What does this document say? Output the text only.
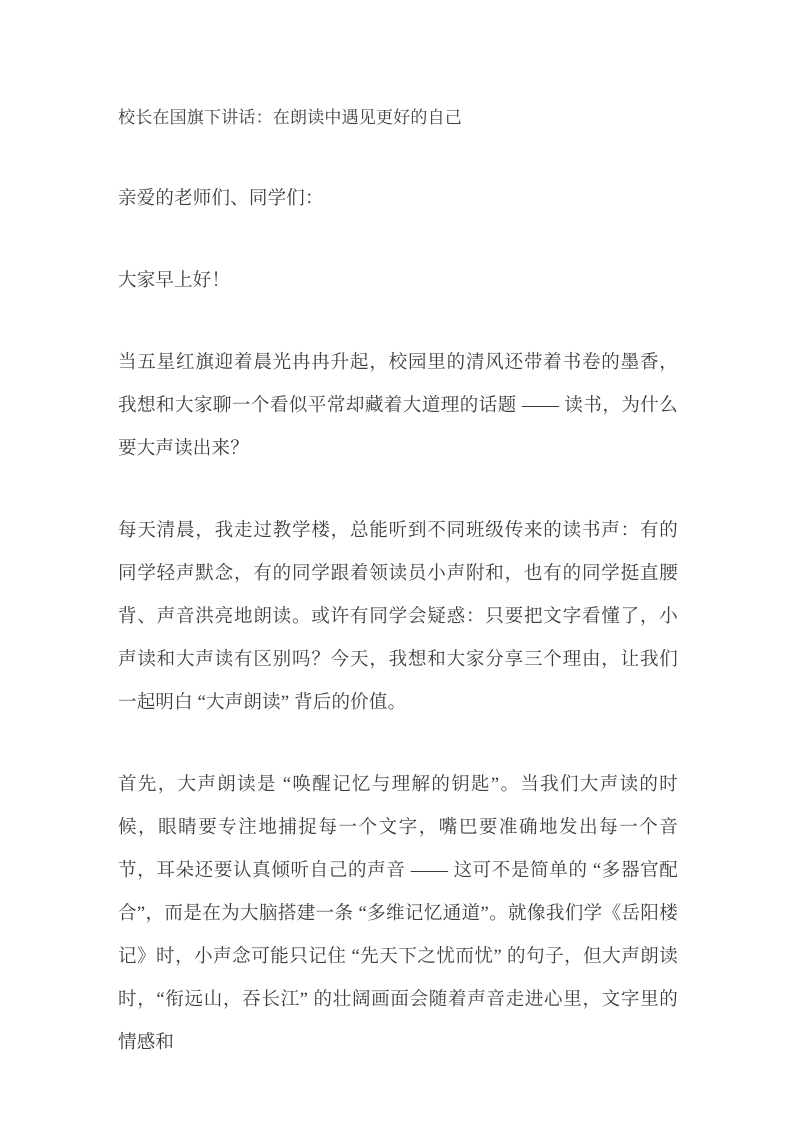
校长在国旗下讲话：在朗读中遇见更好的自己

亲爱的老师们、同学们：

大家早上好！

当五星红旗迎着晨光冉冉升起，校园里的清风还带着书卷的墨香，我想和大家聊一个看似平常却藏着大道理的话题 —— 读书，为什么要大声读出来？

每天清晨，我走过教学楼，总能听到不同班级传来的读书声：有的同学轻声默念，有的同学跟着领读员小声附和，也有的同学挺直腰背、声音洪亮地朗读。或许有同学会疑惑：只要把文字看懂了，小声读和大声读有区别吗？今天，我想和大家分享三个理由，让我们一起明白 “大声朗读” 背后的价值。

首先，大声朗读是 “唤醒记忆与理解的钥匙”。当我们大声读的时候，眼睛要专注地捕捉每一个文字，嘴巴要准确地发出每一个音节，耳朵还要认真倾听自己的声音 —— 这可不是简单的 “多器官配合”，而是在为大脑搭建一条 “多维记忆通道”。就像我们学《岳阳楼记》时，小声念可能只记住 “先天下之忧而忧” 的句子，但大声朗读时，“衔远山，吞长江” 的壮阔画面会随着声音走进心里，文字里的情感和
